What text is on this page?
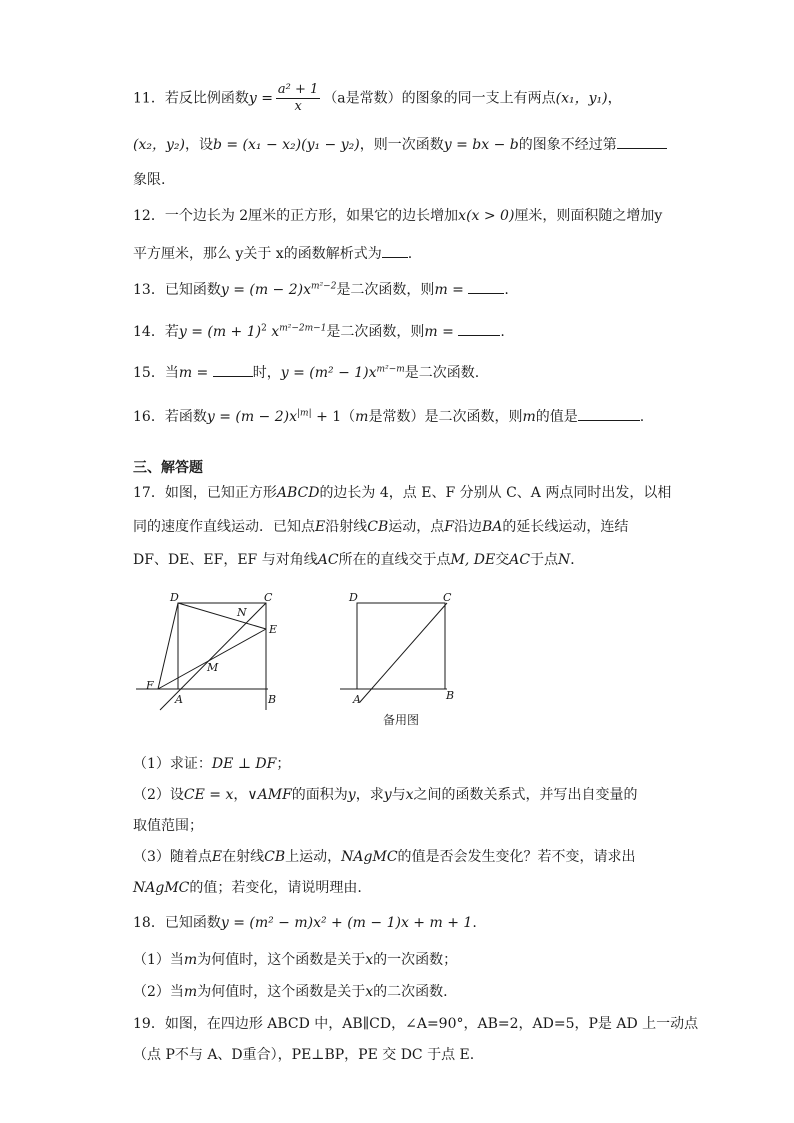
11．若反比例函数$y = \frac{\text{a² + 1}}{x} (a$是常数）的图象的同一支上有两点(x₁，y₁)，
(x₂，y₂)，设b = (x₁ − x₂)(y₁ − y₂)，则一次函数y = bx − b的图象不经过第
象限.
12．一个边长为 2厘米的正方形，如果它的边长增加x(x > 0)厘米，则面积随之增加y
平方厘米，那么 y关于 x的函数解析式为 .
13．已知函数$y = (m - 2)x^{m^2-2}$是二次函数，则m =	.
14．若$y = (m + 1)^2$ $x^{m^2-2m-1}$是二次函数，则m =	.
15．当m =	时，$y = (m^2 - 1)x^{m^2-m}$是二次函数.
16．若函数$y = (m - 2)x^{|m|} + 1(m$是常数）是二次函数，则m的值是	.
三、解答题
17．如图，已知正方形ABCD的边长为 4，点 E、F 分别从 C、A 两点同时出发，以相
同的速度作直线运动．已知点E沿射线CB运动，点F沿边BA的延长线运动，连结
DF、DE、EF，EF 与对角线AC所在的直线交于点M, DE交AC于点N．
D	C
N
E
M
F
A	B
D	C
A	B
备用图
（1）求证：DE ⊥ DF；
（2）设CE = x，∨AMF的面积为y，求y与x之间的函数关系式，并写出自变量的
取值范围；
（3）随着点E在射线CB上运动，NAgMC的值是否会发生变化？若不变，请求出
NAgMC的值；若变化，请说明理由.
18．已知函数y = (m² − m)x² + (m − 1)x + m + 1.
（1）当m为何值时，这个函数是关于x的一次函数；
（2）当m为何值时，这个函数是关于x的二次函数.
19．如图，在四边形 ABCD 中，AB∥CD，∠A=90°，AB=2，AD=5，P是 AD 上一动点
（点 P不与 A、D重合），PE⊥BP，PE 交 DC 于点 E.
